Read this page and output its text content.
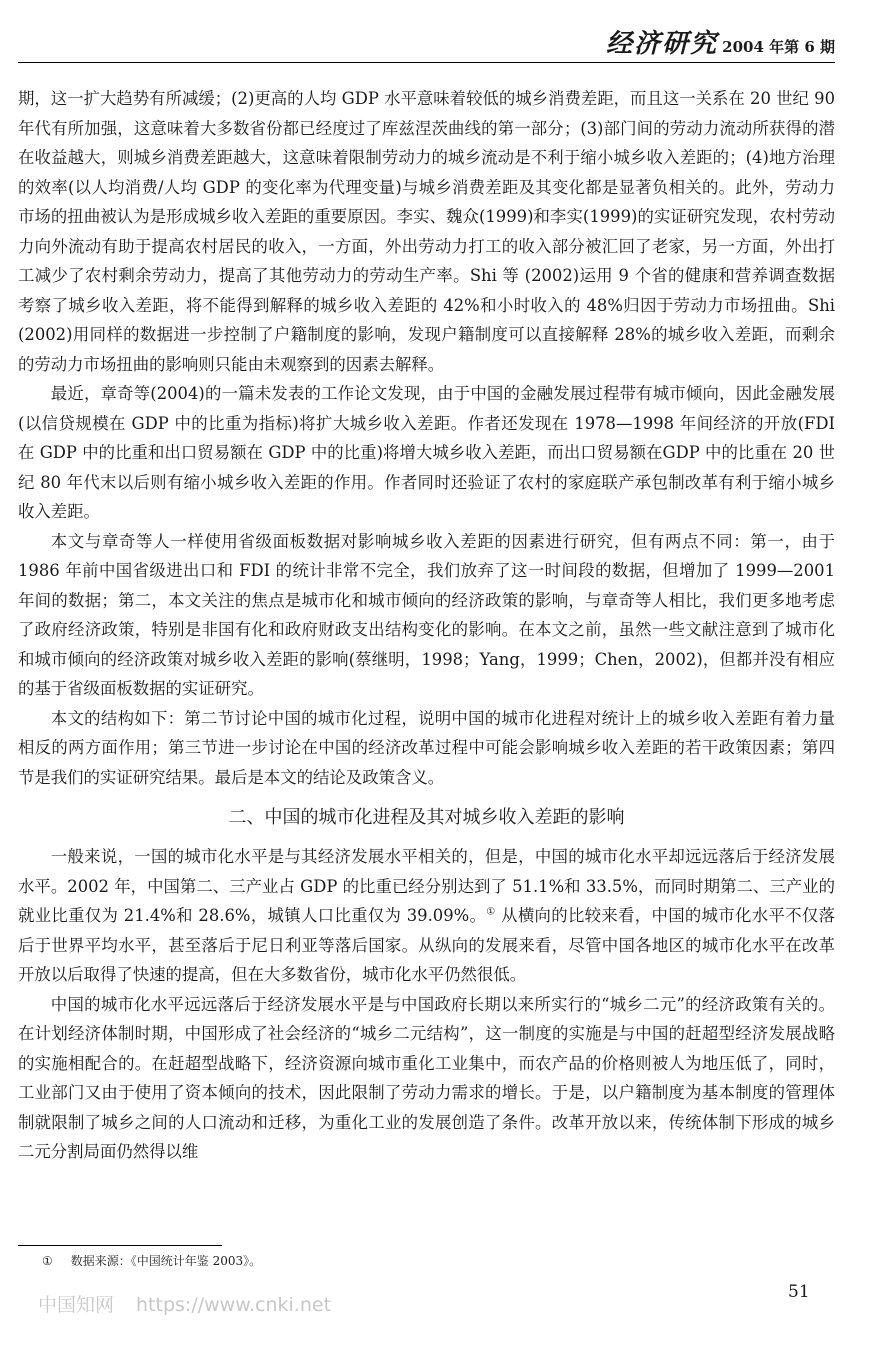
经济研究 2004 年第 6 期

期，这一扩大趋势有所减缓；(2)更高的人均 GDP 水平意味着较低的城乡消费差距，而且这一关系在 20 世纪 90 年代有所加强，这意味着大多数省份都已经度过了库兹涅茨曲线的第一部分；(3)部门间的劳动力流动所获得的潜在收益越大，则城乡消费差距越大，这意味着限制劳动力的城乡流动是不利于缩小城乡收入差距的；(4)地方治理的效率(以人均消费/人均 GDP 的变化率为代理变量)与城乡消费差距及其变化都是显著负相关的。此外，劳动力市场的扭曲被认为是形成城乡收入差距的重要原因。李实、魏众(1999)和李实(1999)的实证研究发现，农村劳动力向外流动有助于提高农村居民的收入，一方面，外出劳动力打工的收入部分被汇回了老家，另一方面，外出打工减少了农村剩余劳动力，提高了其他劳动力的劳动生产率。Shi 等 (2002)运用 9 个省的健康和营养调查数据考察了城乡收入差距，将不能得到解释的城乡收入差距的 42%和小时收入的 48%归因于劳动力市场扭曲。Shi (2002)用同样的数据进一步控制了户籍制度的影响，发现户籍制度可以直接解释 28%的城乡收入差距，而剩余的劳动力市场扭曲的影响则只能由未观察到的因素去解释。

最近，章奇等(2004)的一篇未发表的工作论文发现，由于中国的金融发展过程带有城市倾向，因此金融发展(以信贷规模在 GDP 中的比重为指标)将扩大城乡收入差距。作者还发现在 1978—1998 年间经济的开放(FDI 在 GDP 中的比重和出口贸易额在 GDP 中的比重)将增大城乡收入差距，而出口贸易额在GDP 中的比重在 20 世纪 80 年代末以后则有缩小城乡收入差距的作用。作者同时还验证了农村的家庭联产承包制改革有利于缩小城乡收入差距。

本文与章奇等人一样使用省级面板数据对影响城乡收入差距的因素进行研究，但有两点不同：第一，由于 1986 年前中国省级进出口和 FDI 的统计非常不完全，我们放弃了这一时间段的数据，但增加了 1999—2001 年间的数据；第二，本文关注的焦点是城市化和城市倾向的经济政策的影响，与章奇等人相比，我们更多地考虑了政府经济政策，特别是非国有化和政府财政支出结构变化的影响。在本文之前，虽然一些文献注意到了城市化和城市倾向的经济政策对城乡收入差距的影响(蔡继明，1998；Yang，1999；Chen，2002)，但都并没有相应的基于省级面板数据的实证研究。

本文的结构如下：第二节讨论中国的城市化过程，说明中国的城市化进程对统计上的城乡收入差距有着力量相反的两方面作用；第三节进一步讨论在中国的经济改革过程中可能会影响城乡收入差距的若干政策因素；第四节是我们的实证研究结果。最后是本文的结论及政策含义。

二、中国的城市化进程及其对城乡收入差距的影响

一般来说，一国的城市化水平是与其经济发展水平相关的，但是，中国的城市化水平却远远落后于经济发展水平。2002 年，中国第二、三产业占 GDP 的比重已经分别达到了 51.1%和 33.5%，而同时期第二、三产业的就业比重仅为 21.4%和 28.6%，城镇人口比重仅为 39.09%。① 从横向的比较来看，中国的城市化水平不仅落后于世界平均水平，甚至落后于尼日利亚等落后国家。从纵向的发展来看，尽管中国各地区的城市化水平在改革开放以后取得了快速的提高，但在大多数省份，城市化水平仍然很低。

中国的城市化水平远远落后于经济发展水平是与中国政府长期以来所实行的“城乡二元”的经济政策有关的。在计划经济体制时期，中国形成了社会经济的“城乡二元结构”，这一制度的实施是与中国的赶超型经济发展战略的实施相配合的。在赶超型战略下，经济资源向城市重化工业集中，而农产品的价格则被人为地压低了，同时，工业部门又由于使用了资本倾向的技术，因此限制了劳动力需求的增长。于是，以户籍制度为基本制度的管理体制就限制了城乡之间的人口流动和迁移，为重化工业的发展创造了条件。改革开放以来，传统体制下形成的城乡二元分割局面仍然得以维

① 数据来源：《中国统计年鉴 2003》。
中国知网 https://www.cnki.net
51
